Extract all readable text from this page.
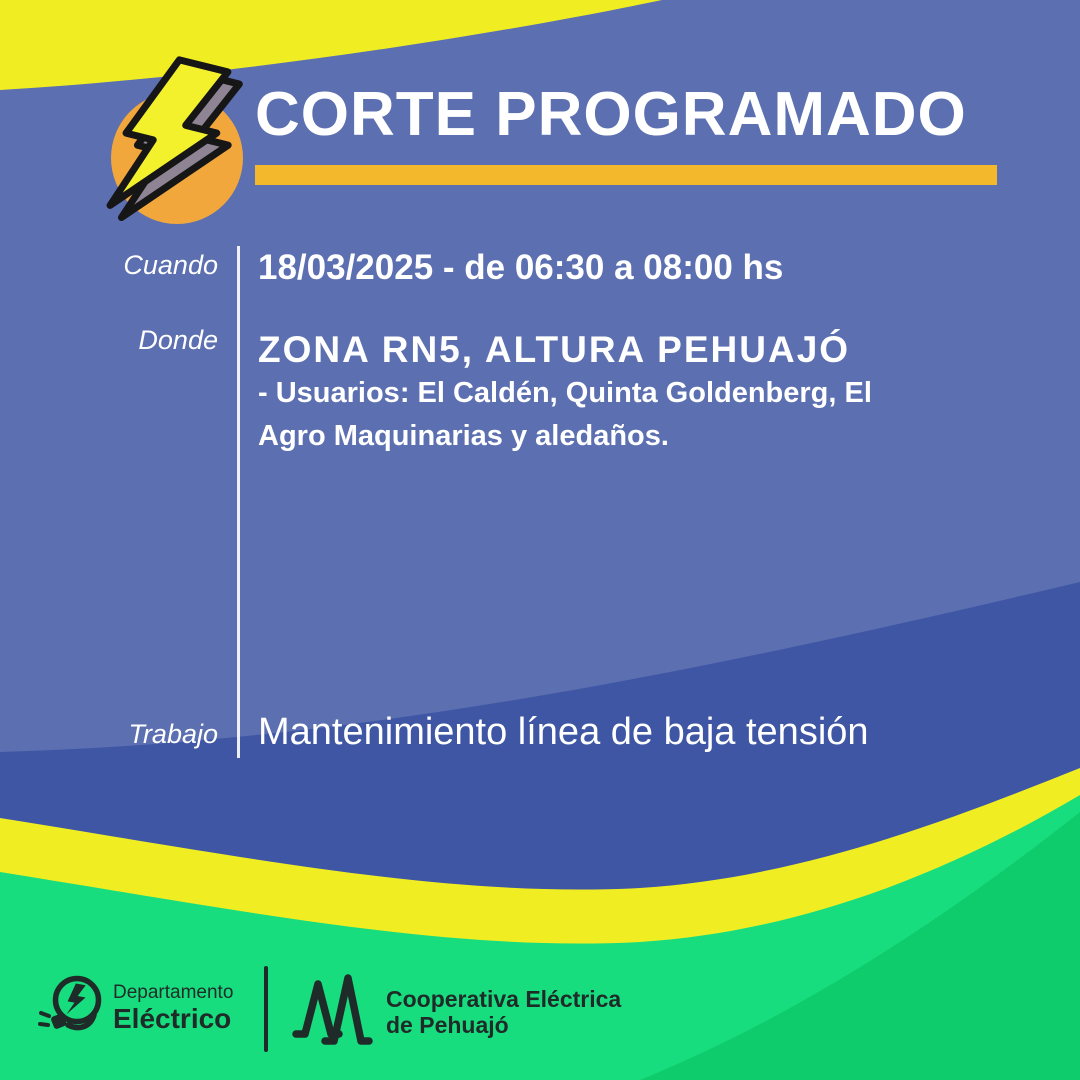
CORTE PROGRAMADO
Cuando 18/03/2025 - de 06:30 a 08:00 hs
Donde ZONA RN5, ALTURA PEHUAJÓ
- Usuarios: El Caldén, Quinta Goldenberg, El
Agro Maquinarias y aledaños.
Trabajo Mantenimiento línea de baja tensión
Departamento
Eléctrico
Cooperativa Eléctrica
de Pehuajó
